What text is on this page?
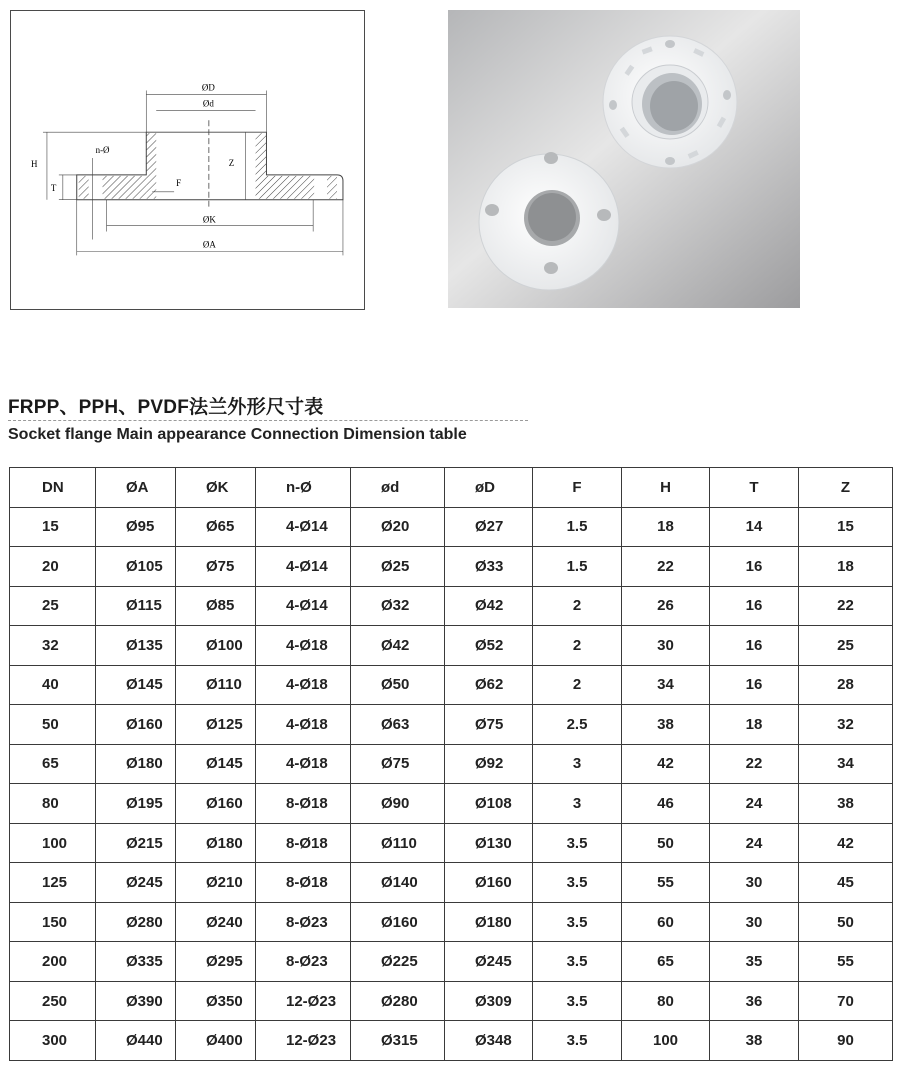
ØD
Ød
H
T
n-Ø
Z
F
ØK
ØA
FRPP、PPH、PVDF法兰外形尺寸表
Socket flange Main appearance Connection Dimension table
DN	ØA	ØK	n-Ø	ød	øD	F	H	T	Z
15	Ø95	Ø65	4-Ø14	Ø20	Ø27	1.5	18	14	15
20	Ø105	Ø75	4-Ø14	Ø25	Ø33	1.5	22	16	18
25	Ø115	Ø85	4-Ø14	Ø32	Ø42	2	26	16	22
32	Ø135	Ø100	4-Ø18	Ø42	Ø52	2	30	16	25
40	Ø145	Ø110	4-Ø18	Ø50	Ø62	2	34	16	28
50	Ø160	Ø125	4-Ø18	Ø63	Ø75	2.5	38	18	32
65	Ø180	Ø145	4-Ø18	Ø75	Ø92	3	42	22	34
80	Ø195	Ø160	8-Ø18	Ø90	Ø108	3	46	24	38
100	Ø215	Ø180	8-Ø18	Ø110	Ø130	3.5	50	24	42
125	Ø245	Ø210	8-Ø18	Ø140	Ø160	3.5	55	30	45
150	Ø280	Ø240	8-Ø23	Ø160	Ø180	3.5	60	30	50
200	Ø335	Ø295	8-Ø23	Ø225	Ø245	3.5	65	35	55
250	Ø390	Ø350	12-Ø23	Ø280	Ø309	3.5	80	36	70
300	Ø440	Ø400	12-Ø23	Ø315	Ø348	3.5	100	38	90
